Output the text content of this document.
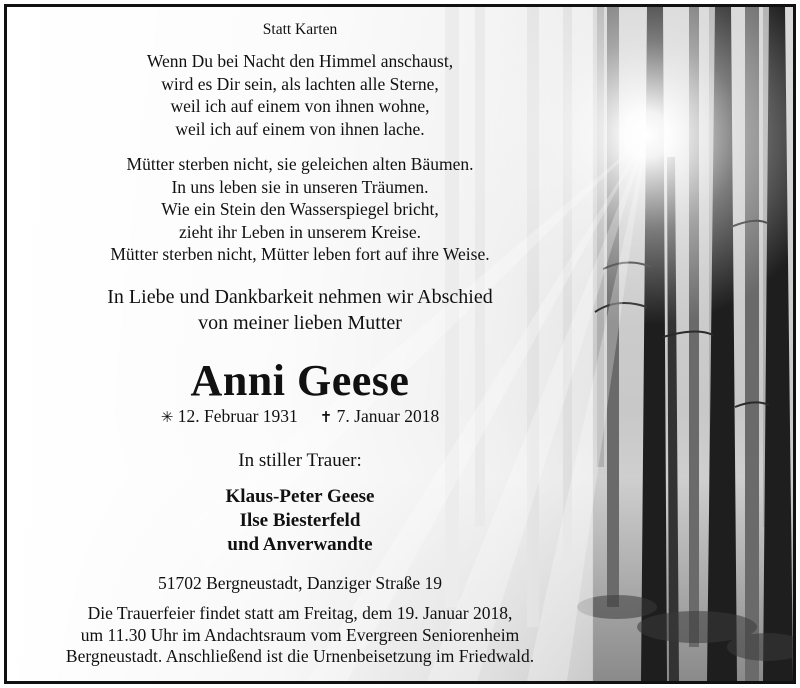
Statt Karten
Wenn Du bei Nacht den Himmel anschaust,
wird es Dir sein, als lachten alle Sterne,
weil ich auf einem von ihnen wohne,
weil ich auf einem von ihnen lache.
Mütter sterben nicht, sie geleichen alten Bäumen.
In uns leben sie in unseren Träumen.
Wie ein Stein den Wasserspiegel bricht,
zieht ihr Leben in unserem Kreise.
Mütter sterben nicht, Mütter leben fort auf ihre Weise.
In Liebe und Dankbarkeit nehmen wir Abschied
von meiner lieben Mutter
Anni Geese
✳ 12. Februar 1931 ✝ 7. Januar 2018
In stiller Trauer:
Klaus-Peter Geese
Ilse Biesterfeld
und Anverwandte
51702 Bergneustadt, Danziger Straße 19
Die Trauerfeier findet statt am Freitag, dem 19. Januar 2018,
um 11.30 Uhr im Andachtsraum vom Evergreen Seniorenheim
Bergneustadt. Anschließend ist die Urnenbeisetzung im Friedwald.
